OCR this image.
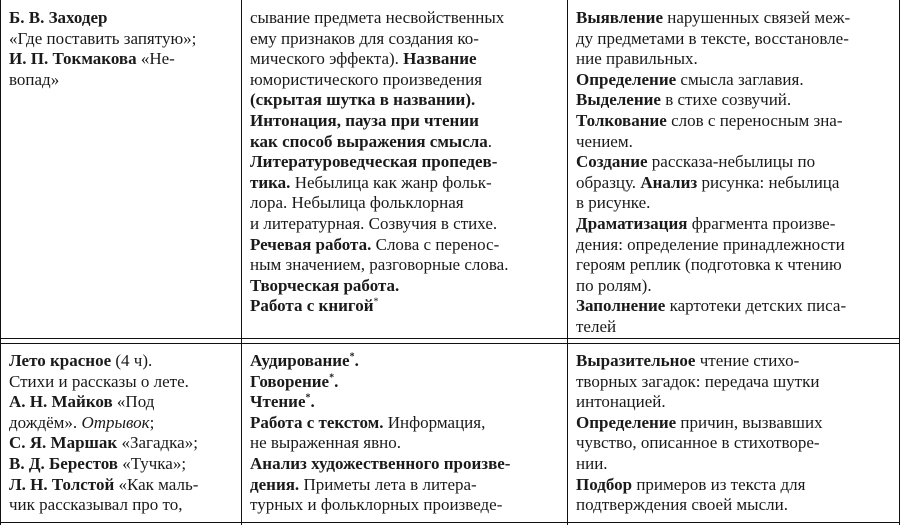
Б. В. Заходер
«Где поставить запятую»;
И. П. Токмакова «Не-
вопад»
сывание предмета несвойственных
ему признаков для создания ко-
мического эффекта). Название
юмористического произведения
(скрытая шутка в названии).
Интонация, пауза при чтении
как способ выражения смысла.
Литературоведческая пропедев-
тика. Небылица как жанр фольк-
лора. Небылица фольклорная
и литературная. Созвучия в стихе.
Речевая работа. Слова с перенос-
ным значением, разговорные слова.
Творческая работа.
Работа с книгой*
Выявление нарушенных связей меж-
ду предметами в тексте, восстановле-
ние правильных.
Определение смысла заглавия.
Выделение в стихе созвучий.
Толкование слов с переносным зна-
чением.
Создание рассказа-небылицы по
образцу. Анализ рисунка: небылица
в рисунке.
Драматизация фрагмента произве-
дения: определение принадлежности
героям реплик (подготовка к чтению
по ролям).
Заполнение картотеки детских писа-
телей
Лето красное (4 ч).
Стихи и рассказы о лете.
А. Н. Майков «Под
дождём». Отрывок;
С. Я. Маршак «Загадка»;
В. Д. Берестов «Тучка»;
Л. Н. Толстой «Как маль-
чик рассказывал про то,
Аудирование*.
Говорение*.
Чтение*.
Работа с текстом. Информация,
не выраженная явно.
Анализ художественного произве-
дения. Приметы лета в литера-
турных и фольклорных произведе-
Выразительное чтение стихо-
творных загадок: передача шутки
интонацией.
Определение причин, вызвавших
чувство, описанное в стихотворе-
нии.
Подбор примеров из текста для
подтверждения своей мысли.
